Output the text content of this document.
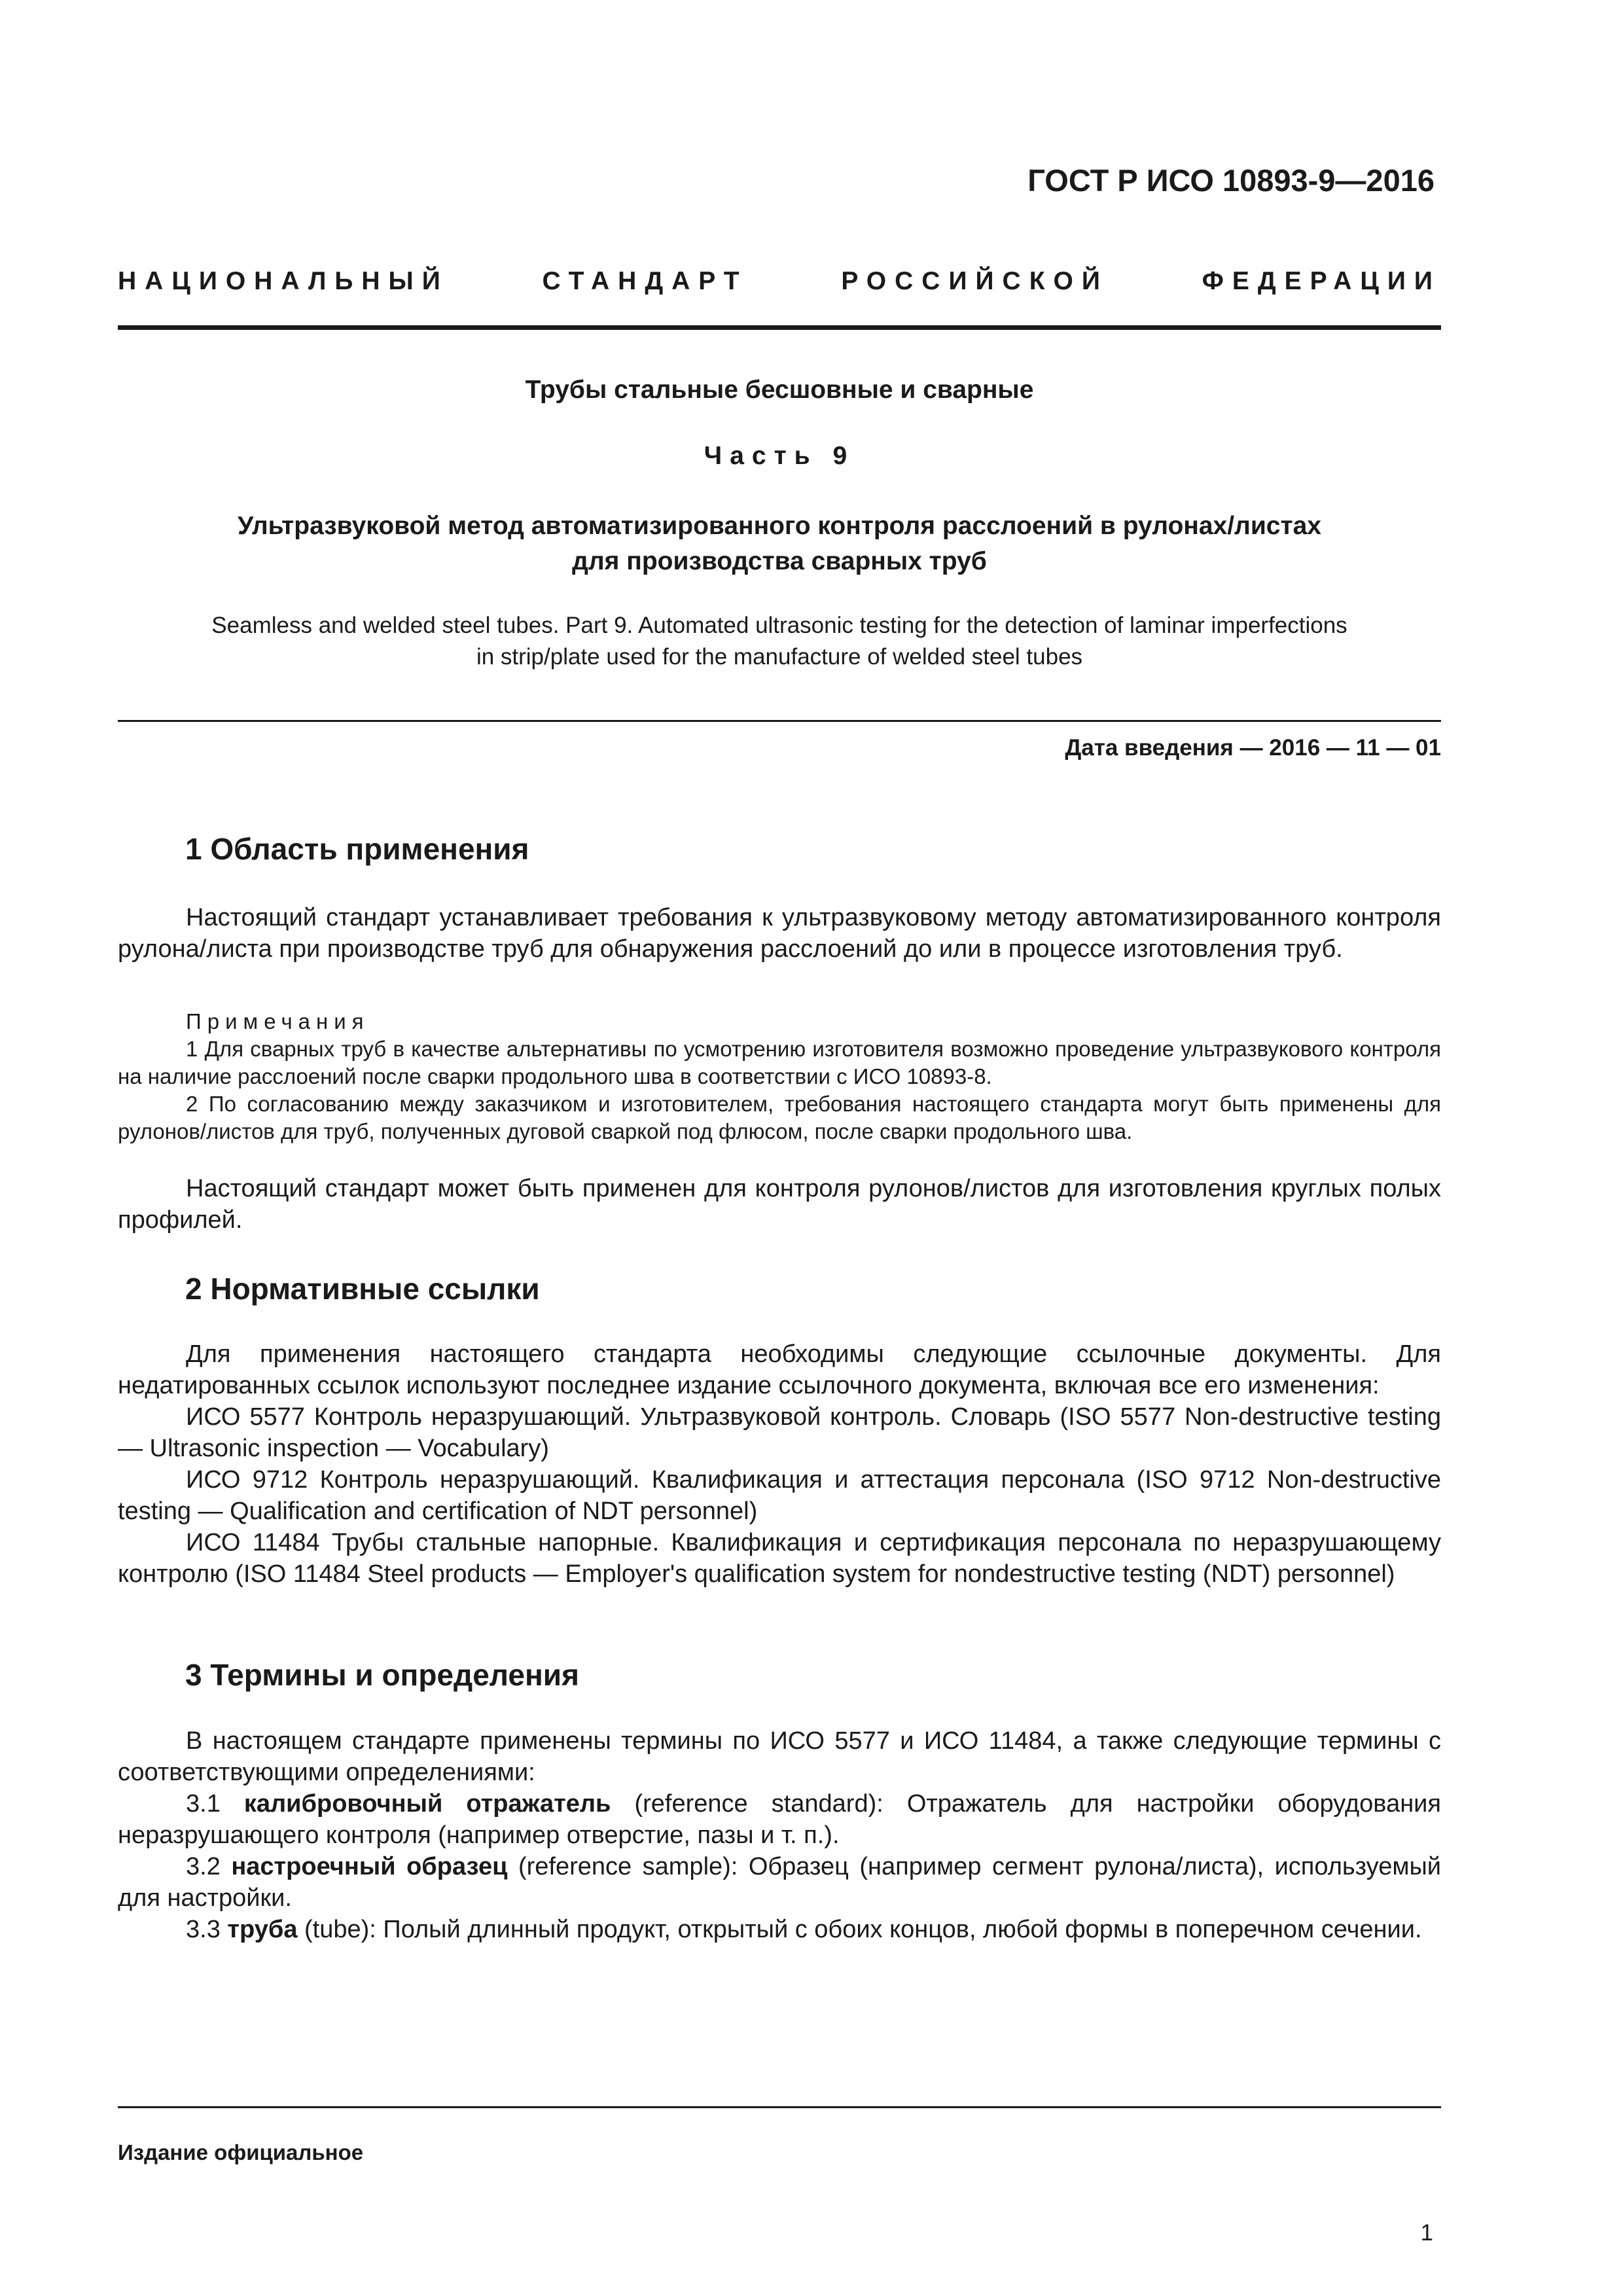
ГОСТ Р ИСО 10893-9—2016
НАЦИОНАЛЬНЫЙ	СТАНДАРТ	РОССИЙСКОЙ	ФЕДЕРАЦИИ
Трубы стальные бесшовные и сварные
Часть 9
Ультразвуковой метод автоматизированного контроля расслоений в рулонах/листах
для производства сварных труб
Seamless and welded steel tubes. Part 9. Automated ultrasonic testing for the detection of laminar imperfections
in strip/plate used for the manufacture of welded steel tubes
Дата введения — 2016 — 11 — 01
1 Область применения

Настоящий стандарт устанавливает требования к ультразвуковому методу автоматизированного контроля рулона/листа при производстве труб для обнаружения расслоений до или в процессе изготовления труб.

Примечания

1 Для сварных труб в качестве альтернативы по усмотрению изготовителя возможно проведение ультразвукового контроля на наличие расслоений после сварки продольного шва в соответствии с ИСО 10893-8.

2 По согласованию между заказчиком и изготовителем, требования настоящего стандарта могут быть применены для рулонов/листов для труб, полученных дуговой сваркой под флюсом, после сварки продольного шва.

Настоящий стандарт может быть применен для контроля рулонов/листов для изготовления круглых полых профилей.

2 Нормативные ссылки

Для применения настоящего стандарта необходимы следующие ссылочные документы. Для недатированных ссылок используют последнее издание ссылочного документа, включая все его изменения:

ИСО 5577 Контроль неразрушающий. Ультразвуковой контроль. Словарь (ISO 5577 Non-destructive testing — Ultrasonic inspection — Vocabulary)

ИСО 9712 Контроль неразрушающий. Квалификация и аттестация персонала (ISO 9712 Non-destructive testing — Qualification and certification of NDT personnel)

ИСО 11484 Трубы стальные напорные. Квалификация и сертификация персонала по неразрушающему контролю (ISO 11484 Steel products — Employer's qualification system for nondestructive testing (NDT) personnel)

3 Термины и определения

В настоящем стандарте применены термины по ИСО 5577 и ИСО 11484, а также следующие термины с соответствующими определениями:

3.1 калибровочный отражатель (reference standard): Отражатель для настройки оборудования неразрушающего контроля (например отверстие, пазы и т. п.).

3.2 настроечный образец (reference sample): Образец (например сегмент рулона/листа), используемый для настройки.

3.3 труба (tube): Полый длинный продукт, открытый с обоих концов, любой формы в поперечном сечении.

Издание официальное
1
